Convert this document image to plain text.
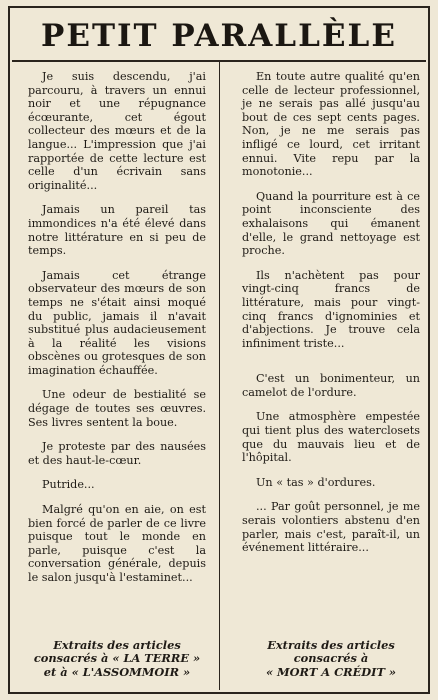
PETIT PARALLÈLE

Je suis descendu, j'ai parcouru, à travers un ennui noir et une répugnance écœurante, cet égout collecteur des mœurs et de la langue... L'impression que j'ai rapportée de cette lecture est celle d'un écrivain sans originalité...

Jamais un pareil tas immondices n'a été élevé dans notre littérature en si peu de temps.

Jamais cet étrange observateur des mœurs de son temps ne s'était ainsi moqué du public, jamais il n'avait substitué plus audacieusement à la réalité les visions obscènes ou grotesques de son imagination échauffée.

Une odeur de bestialité se dégage de toutes ses œuvres. Ses livres sentent la boue.

Je proteste par des nausées et des haut-le-cœur.

Putride...

Malgré qu'on en aie, on est bien forcé de parler de ce livre puisque tout le monde en parle, puisque c'est la conversation générale, depuis le salon jusqu'à l'estaminet...

En toute autre qualité qu'en celle de lecteur professionnel, je ne serais pas allé jusqu'au bout de ces sept cents pages. Non, je ne me serais pas infligé ce lourd, cet irritant ennui. Vite repu par la monotonie...

Quand la pourriture est à ce point inconsciente des exhalaisons qui émanent d'elle, le grand nettoyage est proche.

Ils n'achètent pas pour vingt-cinq francs de littérature, mais pour vingt-cinq francs d'ignominies et d'abjections. Je trouve cela infiniment triste...

C'est un bonimenteur, un camelot de l'ordure.

Une atmosphère empestée qui tient plus des waterclosets que du mauvais lieu et de l'hôpital.

Un « tas » d'ordures.

... Par goût personnel, je me serais volontiers abstenu d'en parler, mais c'est, paraît-il, un événement littéraire...

Extraits des articles
consacrés à « LA TERRE »
et à « L'ASSOMMOIR »
Extraits des articles
consacrés à
« MORT A CRÉDIT »
